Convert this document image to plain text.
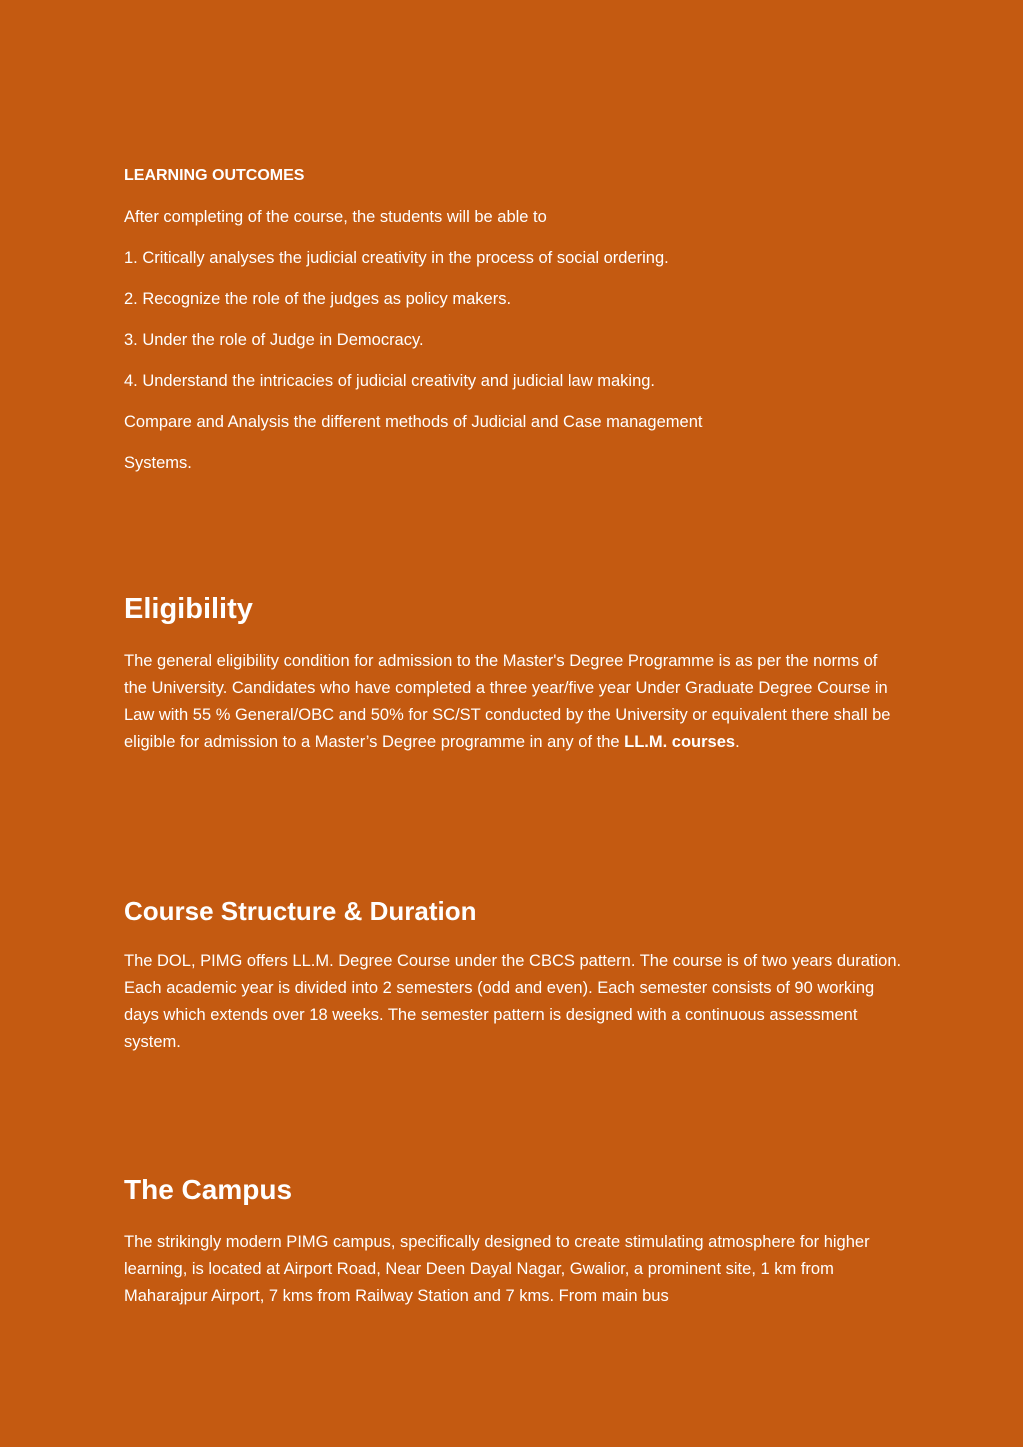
LEARNING OUTCOMES

After completing of the course, the students will be able to

1. Critically analyses the judicial creativity in the process of social ordering.

2. Recognize the role of the judges as policy makers.

3. Under the role of Judge in Democracy.

4. Understand the intricacies of judicial creativity and judicial law making.

Compare and Analysis the different methods of Judicial and Case management

Systems.

Eligibility

The general eligibility condition for admission to the Master's Degree Programme is as per the norms of the University. Candidates who have completed a three year/five year Under Graduate Degree Course in Law with 55 % General/OBC and 50% for SC/ST conducted by the University or equivalent there shall be eligible for admission to a Master’s Degree programme in any of the LL.M. courses.

Course Structure & Duration

The DOL, PIMG offers LL.M. Degree Course under the CBCS pattern. The course is of two years duration. Each academic year is divided into 2 semesters (odd and even). Each semester consists of 90 working days which extends over 18 weeks. The semester pattern is designed with a continuous assessment system.

The Campus

The strikingly modern PIMG campus, specifically designed to create stimulating atmosphere for higher learning, is located at Airport Road, Near Deen Dayal Nagar, Gwalior, a prominent site, 1 km from Maharajpur Airport, 7 kms from Railway Station and 7 kms. From main bus
